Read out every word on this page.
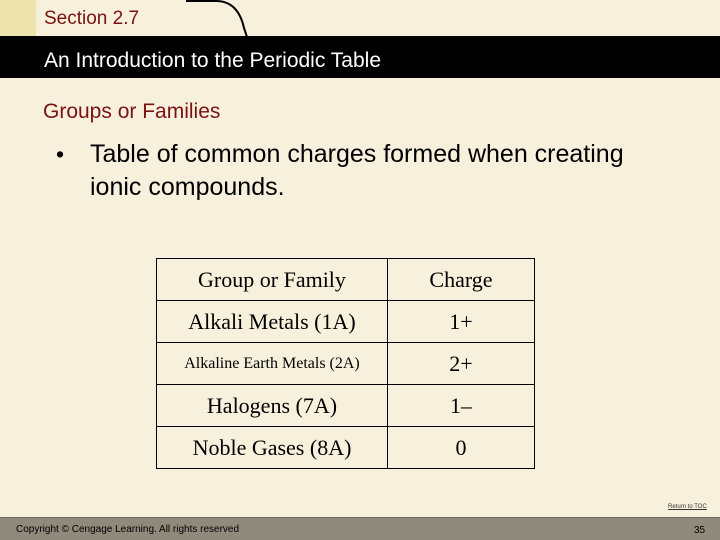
Section 2.7
An Introduction to the Periodic Table
Groups or Families
• Table of common charges formed when creating ionic compounds.
Group or Family	Charge
Alkali Metals (1A)	1+
Alkaline Earth Metals (2A)	2+
Halogens (7A)	1–
Noble Gases (8A)	0
Return to TOC
Copyright © Cengage Learning. All rights reserved	35
